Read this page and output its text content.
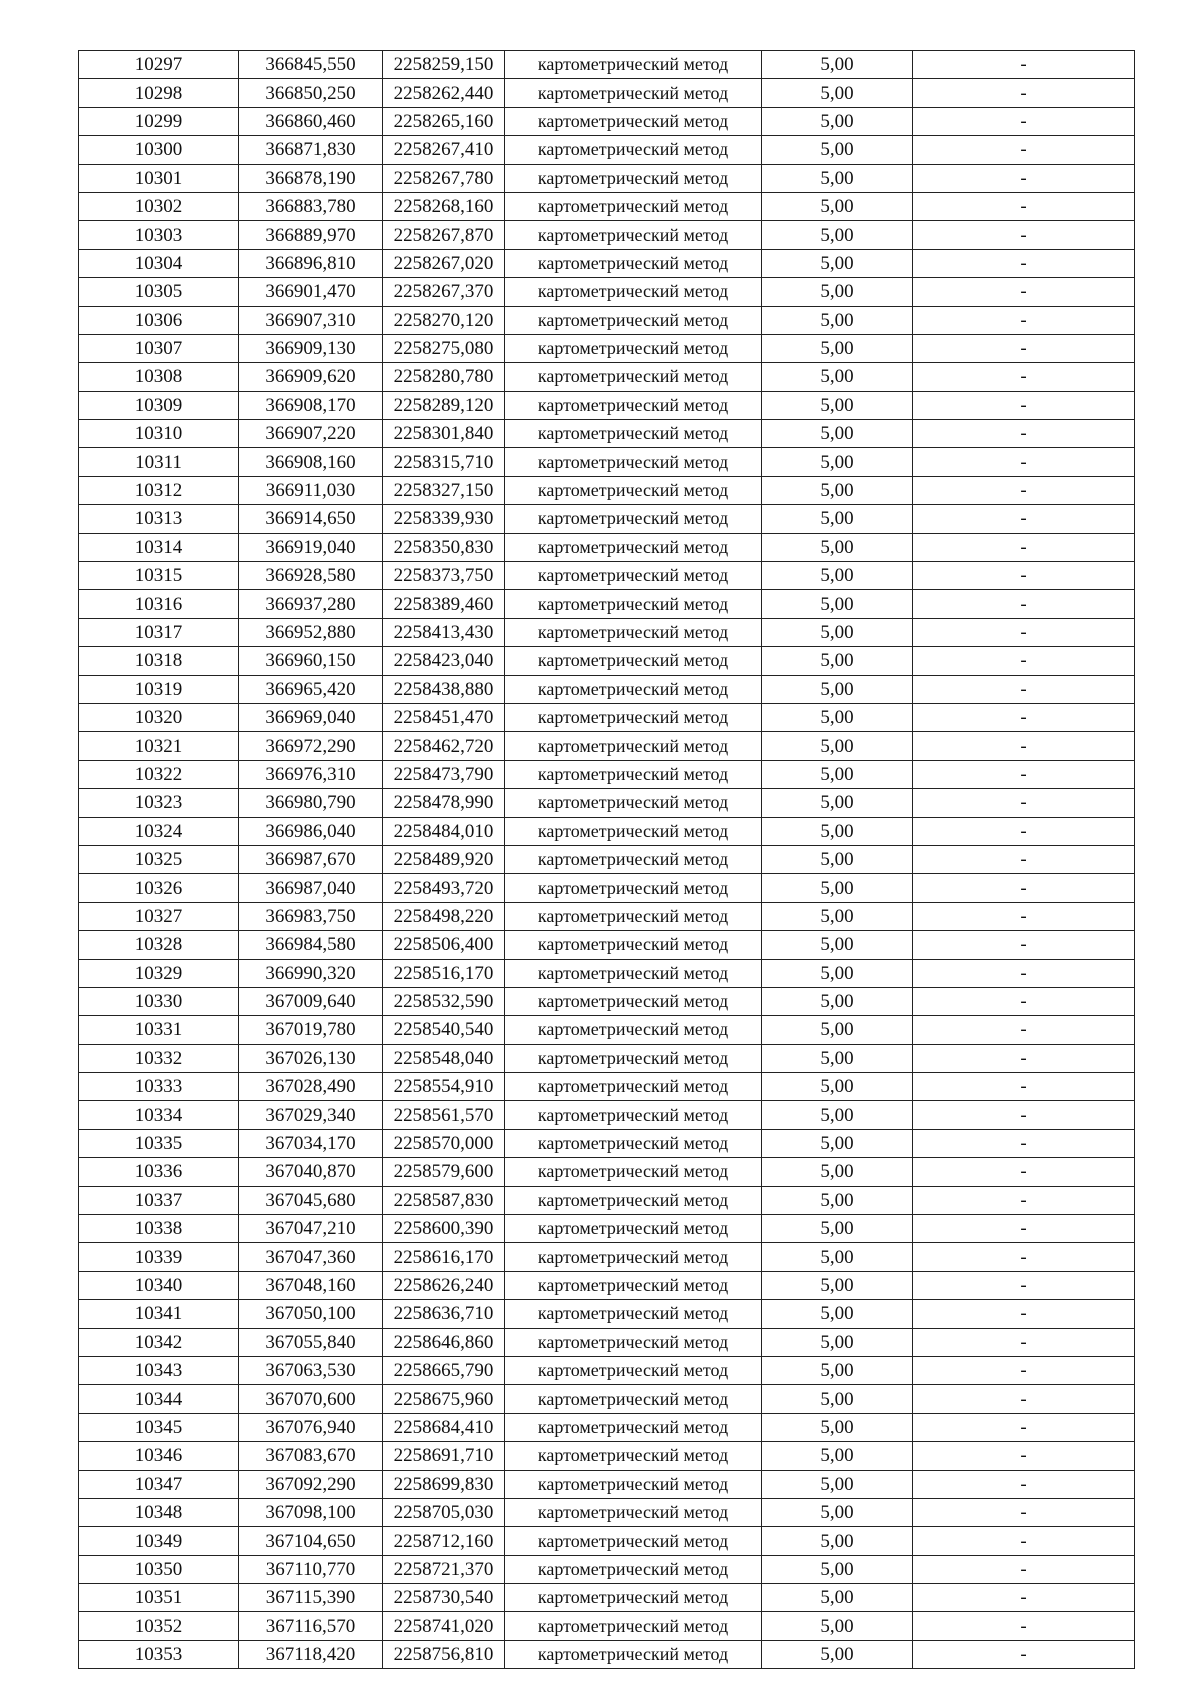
10297	366845,550	2258259,150	картометрический метод	5,00	-
10298	366850,250	2258262,440	картометрический метод	5,00	-
10299	366860,460	2258265,160	картометрический метод	5,00	-
10300	366871,830	2258267,410	картометрический метод	5,00	-
10301	366878,190	2258267,780	картометрический метод	5,00	-
10302	366883,780	2258268,160	картометрический метод	5,00	-
10303	366889,970	2258267,870	картометрический метод	5,00	-
10304	366896,810	2258267,020	картометрический метод	5,00	-
10305	366901,470	2258267,370	картометрический метод	5,00	-
10306	366907,310	2258270,120	картометрический метод	5,00	-
10307	366909,130	2258275,080	картометрический метод	5,00	-
10308	366909,620	2258280,780	картометрический метод	5,00	-
10309	366908,170	2258289,120	картометрический метод	5,00	-
10310	366907,220	2258301,840	картометрический метод	5,00	-
10311	366908,160	2258315,710	картометрический метод	5,00	-
10312	366911,030	2258327,150	картометрический метод	5,00	-
10313	366914,650	2258339,930	картометрический метод	5,00	-
10314	366919,040	2258350,830	картометрический метод	5,00	-
10315	366928,580	2258373,750	картометрический метод	5,00	-
10316	366937,280	2258389,460	картометрический метод	5,00	-
10317	366952,880	2258413,430	картометрический метод	5,00	-
10318	366960,150	2258423,040	картометрический метод	5,00	-
10319	366965,420	2258438,880	картометрический метод	5,00	-
10320	366969,040	2258451,470	картометрический метод	5,00	-
10321	366972,290	2258462,720	картометрический метод	5,00	-
10322	366976,310	2258473,790	картометрический метод	5,00	-
10323	366980,790	2258478,990	картометрический метод	5,00	-
10324	366986,040	2258484,010	картометрический метод	5,00	-
10325	366987,670	2258489,920	картометрический метод	5,00	-
10326	366987,040	2258493,720	картометрический метод	5,00	-
10327	366983,750	2258498,220	картометрический метод	5,00	-
10328	366984,580	2258506,400	картометрический метод	5,00	-
10329	366990,320	2258516,170	картометрический метод	5,00	-
10330	367009,640	2258532,590	картометрический метод	5,00	-
10331	367019,780	2258540,540	картометрический метод	5,00	-
10332	367026,130	2258548,040	картометрический метод	5,00	-
10333	367028,490	2258554,910	картометрический метод	5,00	-
10334	367029,340	2258561,570	картометрический метод	5,00	-
10335	367034,170	2258570,000	картометрический метод	5,00	-
10336	367040,870	2258579,600	картометрический метод	5,00	-
10337	367045,680	2258587,830	картометрический метод	5,00	-
10338	367047,210	2258600,390	картометрический метод	5,00	-
10339	367047,360	2258616,170	картометрический метод	5,00	-
10340	367048,160	2258626,240	картометрический метод	5,00	-
10341	367050,100	2258636,710	картометрический метод	5,00	-
10342	367055,840	2258646,860	картометрический метод	5,00	-
10343	367063,530	2258665,790	картометрический метод	5,00	-
10344	367070,600	2258675,960	картометрический метод	5,00	-
10345	367076,940	2258684,410	картометрический метод	5,00	-
10346	367083,670	2258691,710	картометрический метод	5,00	-
10347	367092,290	2258699,830	картометрический метод	5,00	-
10348	367098,100	2258705,030	картометрический метод	5,00	-
10349	367104,650	2258712,160	картометрический метод	5,00	-
10350	367110,770	2258721,370	картометрический метод	5,00	-
10351	367115,390	2258730,540	картометрический метод	5,00	-
10352	367116,570	2258741,020	картометрический метод	5,00	-
10353	367118,420	2258756,810	картометрический метод	5,00	-
